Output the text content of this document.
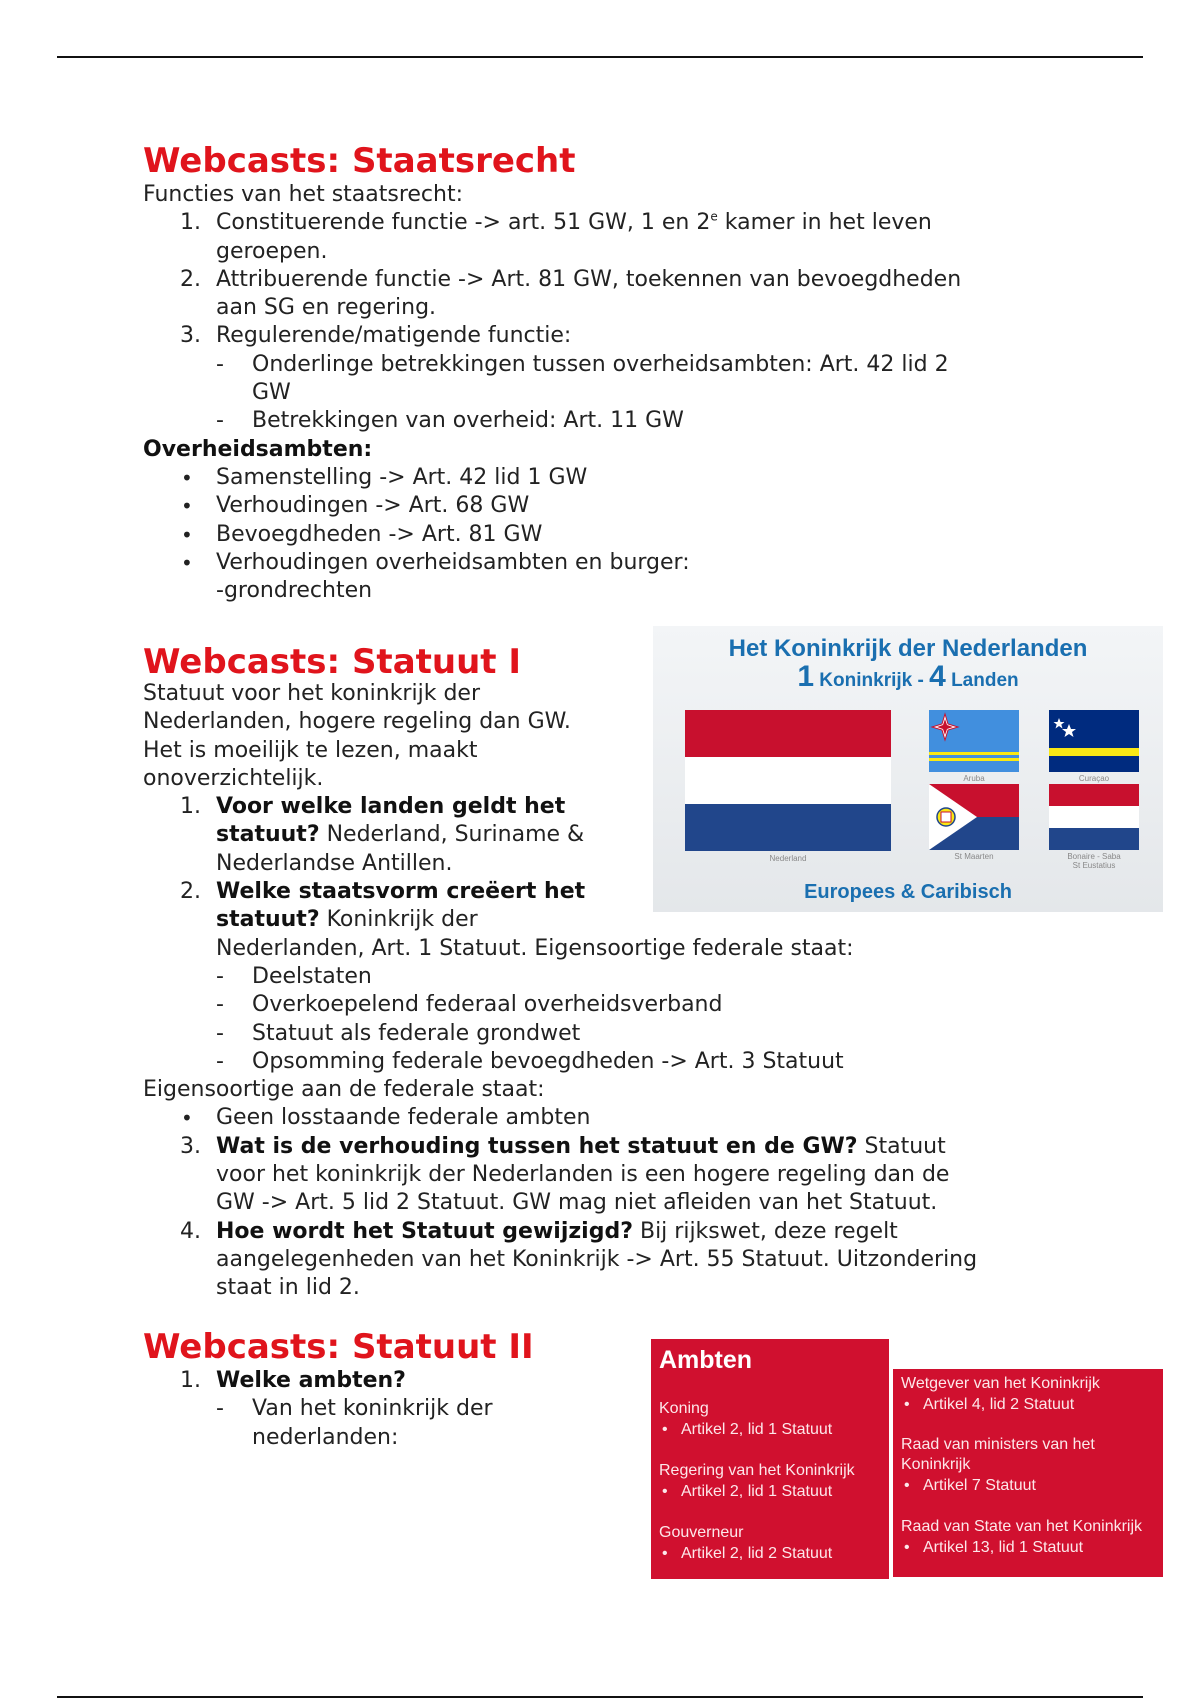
Webcasts: Staatsrecht

Functies van het staatsrecht:

1. Constituerende functie -> art. 51 GW, 1 en 2e kamer in het leven
geroepen.
2. Attribuerende functie -> Art. 81 GW, toekennen van bevoegdheden
aan SG en regering.
3. Regulerende/matigende functie:
- Onderlinge betrekkingen tussen overheidsambten: Art. 42 lid 2
GW
- Betrekkingen van overheid: Art. 11 GW

Overheidsambten:

• Samenstelling -> Art. 42 lid 1 GW
• Verhoudingen -> Art. 68 GW
• Bevoegdheden -> Art. 81 GW
• Verhoudingen overheidsambten en burger:
-grondrechten
Webcasts: Statuut I

Statuut voor het koninkrijk der

Nederlanden, hogere regeling dan GW.

Het is moeilijk te lezen, maakt

onoverzichtelijk.

1. Voor welke landen geldt het
statuut? Nederland, Suriname &
Nederlandse Antillen.
2. Welke staatsvorm creëert het
statuut? Koninkrijk der
Nederlanden, Art. 1 Statuut. Eigensoortige federale staat:
- Deelstaten
- Overkoepelend federaal overheidsverband
- Statuut als federale grondwet
- Opsomming federale bevoegdheden -> Art. 3 Statuut

Eigensoortige aan de federale staat:

• Geen losstaande federale ambten
3. Wat is de verhouding tussen het statuut en de GW? Statuut
voor het koninkrijk der Nederlanden is een hogere regeling dan de
GW -> Art. 5 lid 2 Statuut. GW mag niet afleiden van het Statuut.
4. Hoe wordt het Statuut gewijzigd? Bij rijkswet, deze regelt
aangelegenheden van het Koninkrijk -> Art. 55 Statuut. Uitzondering
staat in lid 2.
Het Koninkrijk der Nederlanden
1 Koninkrijk - 4 Landen
Nederland
Aruba	Curaçao
St Maarten	Bonaire - Saba
St Eustatius
Europees & Caribisch
Webcasts: Statuut II
1. Welke ambten?
- Van het koninkrijk der
nederlanden:
Ambten
Koning
• Artikel 2, lid 1 Statuut
Regering van het Koninkrijk
• Artikel 2, lid 1 Statuut
Gouverneur
• Artikel 2, lid 2 Statuut
Wetgever van het Koninkrijk
• Artikel 4, lid 2 Statuut
Raad van ministers van het
Koninkrijk
• Artikel 7 Statuut
Raad van State van het Koninkrijk
• Artikel 13, lid 1 Statuut
